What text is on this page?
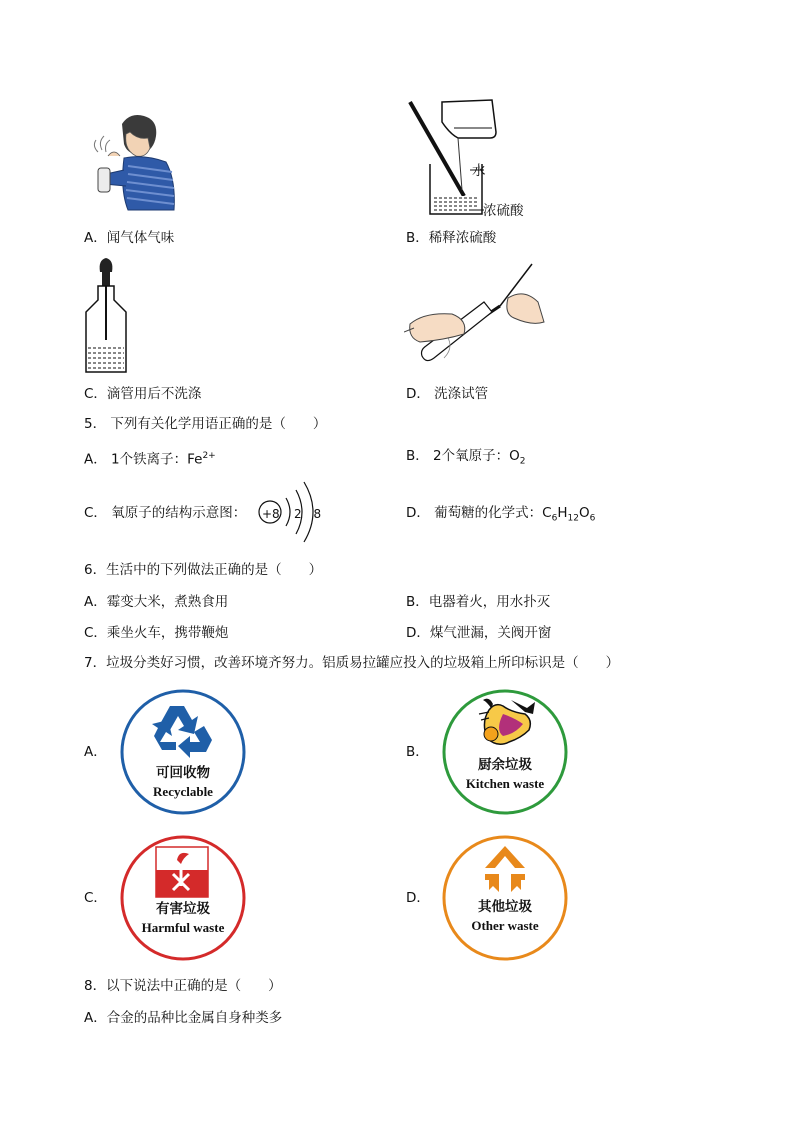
水
浓硫酸
A．闻气体气味	B．稀释浓硫酸
C．滴管用后不洗涤	D． 洗涤试管
5． 下列有关化学用语正确的是（　　）
A． 1个铁离子：$Fe^{2+}$	B． 2个氧原子：$O_2$
C． 氧原子的结构示意图： +8 2 8	D． 葡萄糖的化学式：$C_6H_{12}O_6$
6．生活中的下列做法正确的是（　　）
A．霉变大米，煮熟食用	B．电器着火，用水扑灭
C．乘坐火车，携带鞭炮	D．煤气泄漏，关阀开窗
7．垃圾分类好习惯，改善环境齐努力。铝质易拉罐应投入的垃圾箱上所印标识是（　　）
A．
可回收物
Recyclable
B．
厨余垃圾
Kitchen waste
C．
有害垃圾
Harmful waste
D．
其他垃圾
Other waste
8．以下说法中正确的是（　　）
A．合金的品种比金属自身种类多
